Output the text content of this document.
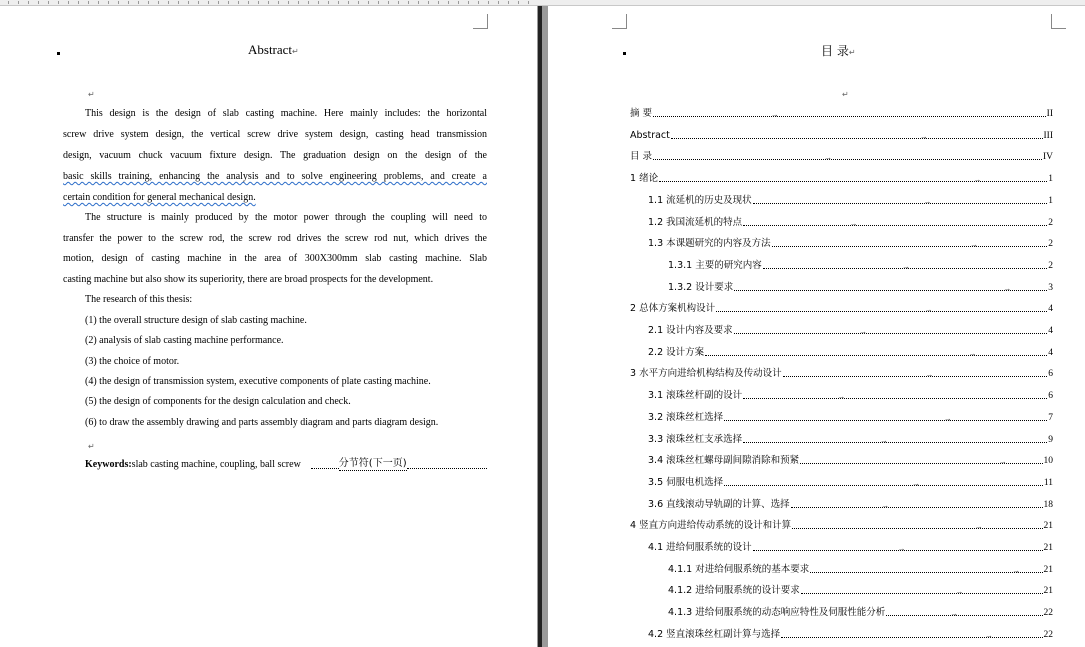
Abstract↵
↵
This design is the design of slab casting machine. Here mainly includes: the horizontal
screw drive system design, the vertical screw drive system design, casting head transmission
design, vacuum chuck vacuum fixture design. The graduation design on the design of the
basic skills training, enhancing the analysis and to solve engineering problems, and create a
certain condition for general mechanical design.
The structure is mainly produced by the motor power through the coupling will need to
transfer the power to the screw rod, the screw rod drives the screw rod nut, which drives the
motion, design of casting machine in the area of 300X300mm slab casting machine. Slab
casting machine but also show its superiority, there are broad prospects for the development.
The research of this thesis:
(1) the overall structure design of slab casting machine.
(2) analysis of slab casting machine performance.
(3) the choice of motor.
(4) the design of transmission system, executive components of plate casting machine.
(5) the design of components for the design calculation and check.
(6) to draw the assembly drawing and parts assembly diagram and parts diagram design.
↵
Keywords: slab casting machine, coupling, ball screw	分节符(下一页)
目 录↵
↵
摘 要	→	II
Abstract	→	III
目 录	→	IV
1 绪论	→	1
1.1 流延机的历史及现状	→	1
1.2 我国流延机的特点	→	2
1.3 本课题研究的内容及方法	→	2
1.3.1 主要的研究内容	→	2
1.3.2 设计要求	→	3
2 总体方案机构设计	→	4
2.1 设计内容及要求	→	4
2.2 设计方案	→	4
3 水平方向进给机构结构及传动设计	→	6
3.1 滚珠丝杆副的设计	→	6
3.2 滚珠丝杠选择	→	7
3.3 滚珠丝杠支承选择	→	9
3.4 滚珠丝杠螺母副间隙消除和预紧	→	10
3.5 伺服电机选择	→	11
3.6 直线滚动导轨副的计算、选择	→	18
4 竖直方向进给传动系统的设计和计算	→	21
4.1 进给伺服系统的设计	→	21
4.1.1 对进给伺服系统的基本要求	→ 21
4.1.2 进给伺服系统的设计要求	→	21
4.1.3 进给伺服系统的动态响应特性及伺服性能分析	→	22
4.2 竖直滚珠丝杠副计算与选择	→	22
